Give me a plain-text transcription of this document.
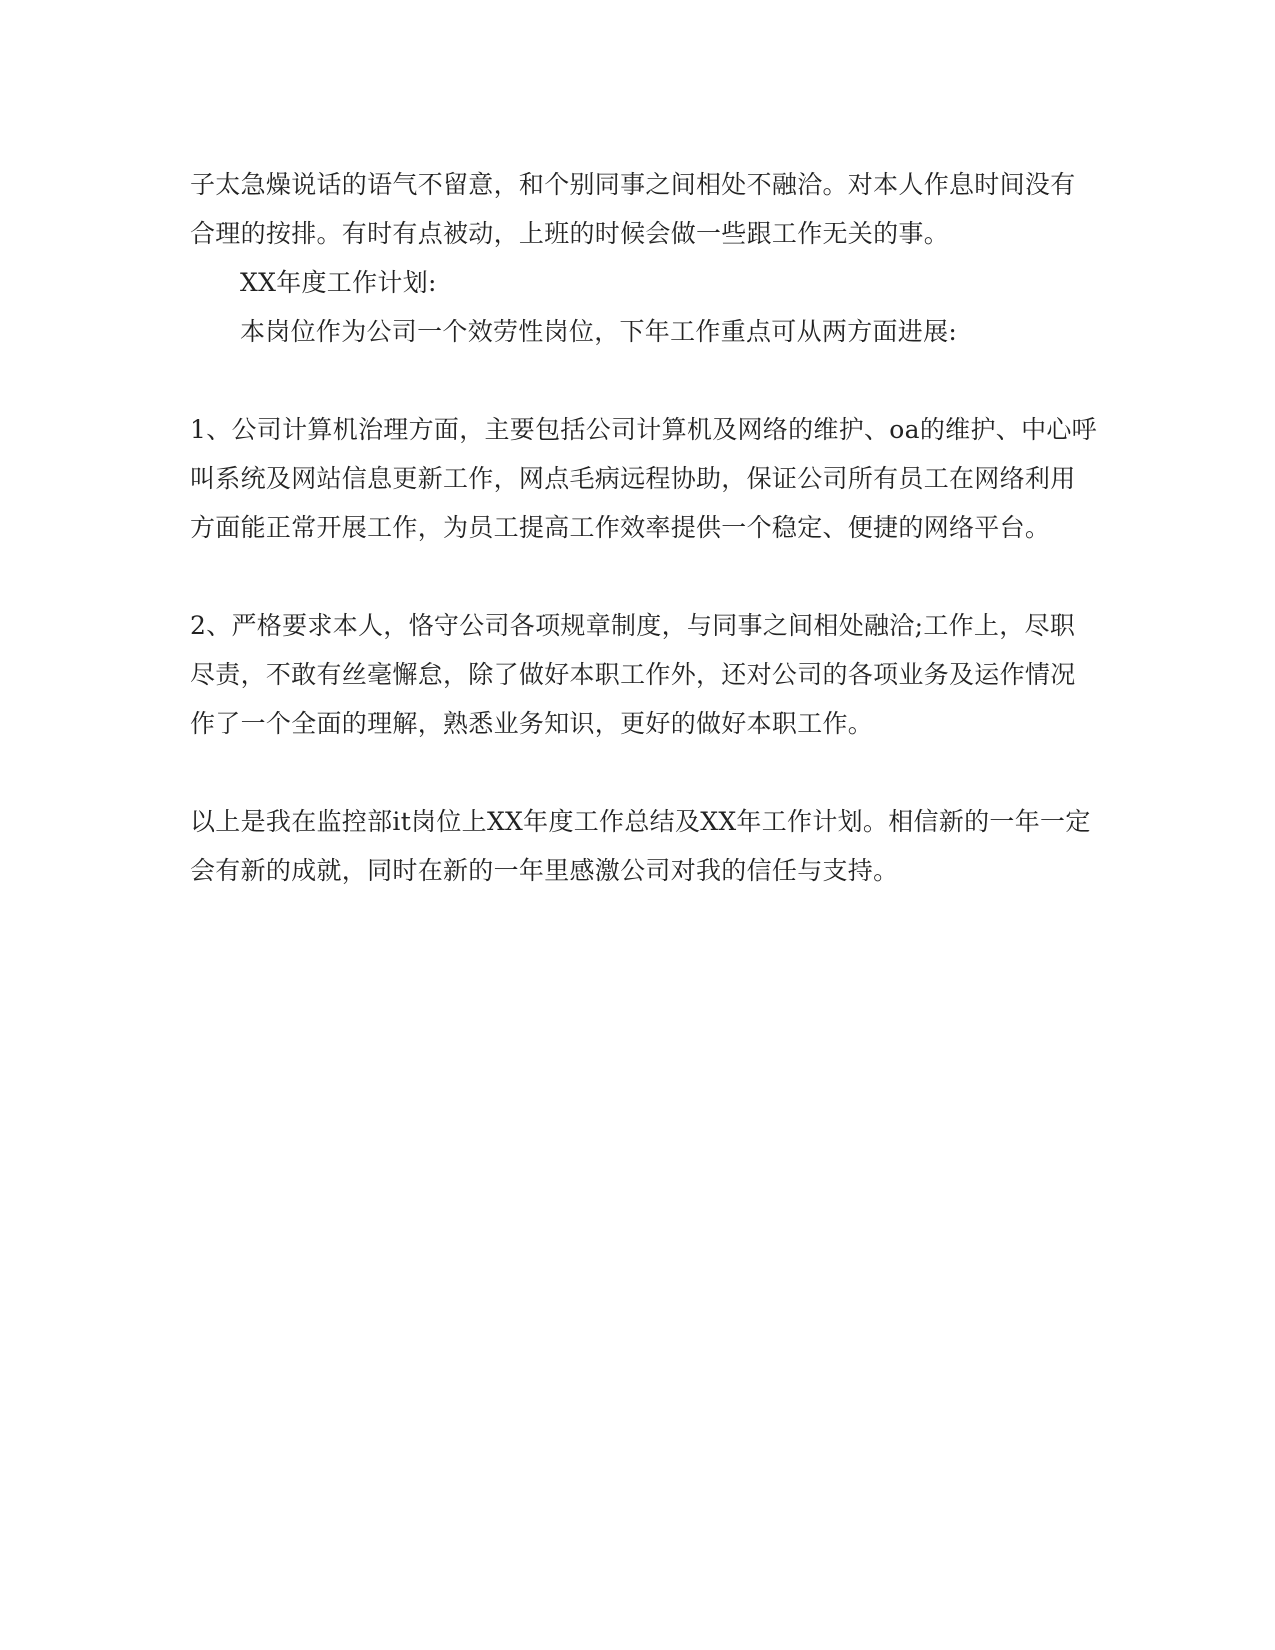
子太急燥说话的语气不留意，和个别同事之间相处不融洽。对本人作息时间没有
合理的按排。有时有点被动，上班的时候会做一些跟工作无关的事。
XX年度工作计划:
本岗位作为公司一个效劳性岗位，下年工作重点可从两方面进展:
1、公司计算机治理方面，主要包括公司计算机及网络的维护、oa的维护、中心呼
叫系统及网站信息更新工作，网点毛病远程协助，保证公司所有员工在网络利用
方面能正常开展工作，为员工提高工作效率提供一个稳定、便捷的网络平台。
2、严格要求本人，恪守公司各项规章制度，与同事之间相处融洽;工作上，尽职
尽责，不敢有丝毫懈怠，除了做好本职工作外，还对公司的各项业务及运作情况
作了一个全面的理解，熟悉业务知识，更好的做好本职工作。
以上是我在监控部it岗位上XX年度工作总结及XX年工作计划。相信新的一年一定
会有新的成就，同时在新的一年里感激公司对我的信任与支持。
